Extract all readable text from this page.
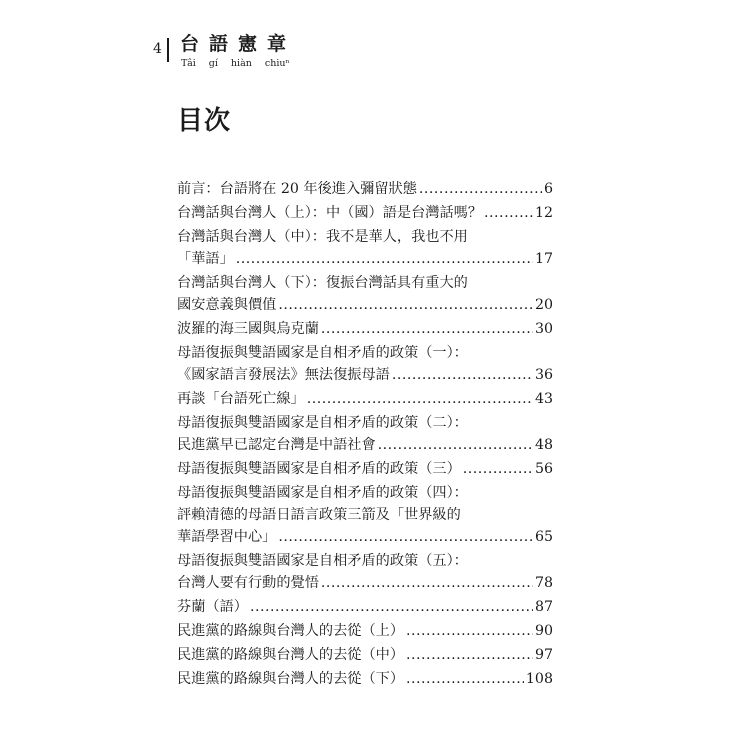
4 台語憲章
Tâi gí hiàn chiuⁿ
目次
前言：台語將在 20 年後進入彌留狀態 .....	6
台灣話與台灣人（上）：中（國）語是台灣話嗎？ .....	12
台灣話與台灣人（中）：我不是華人，我也不用
「華語」 .....	17
台灣話與台灣人（下）：復振台灣話具有重大的
國安意義與價值 .....	20
波羅的海三國與烏克蘭 .....	30
母語復振與雙語國家是自相矛盾的政策（一）：
《國家語言發展法》無法復振母語 .....	36
再談「台語死亡線」 .....	43
母語復振與雙語國家是自相矛盾的政策（二）：
民進黨早已認定台灣是中語社會 .....	48
母語復振與雙語國家是自相矛盾的政策（三） .....	56
母語復振與雙語國家是自相矛盾的政策（四）：
評賴清德的母語日語言政策三箭及「世界級的
華語學習中心」 .....	65
母語復振與雙語國家是自相矛盾的政策（五）：
台灣人要有行動的覺悟 .....	78
芬蘭（語） .....	87
民進黨的路線與台灣人的去從（上） .....	90
民進黨的路線與台灣人的去從（中） .....	97
民進黨的路線與台灣人的去從（下） .....	108
